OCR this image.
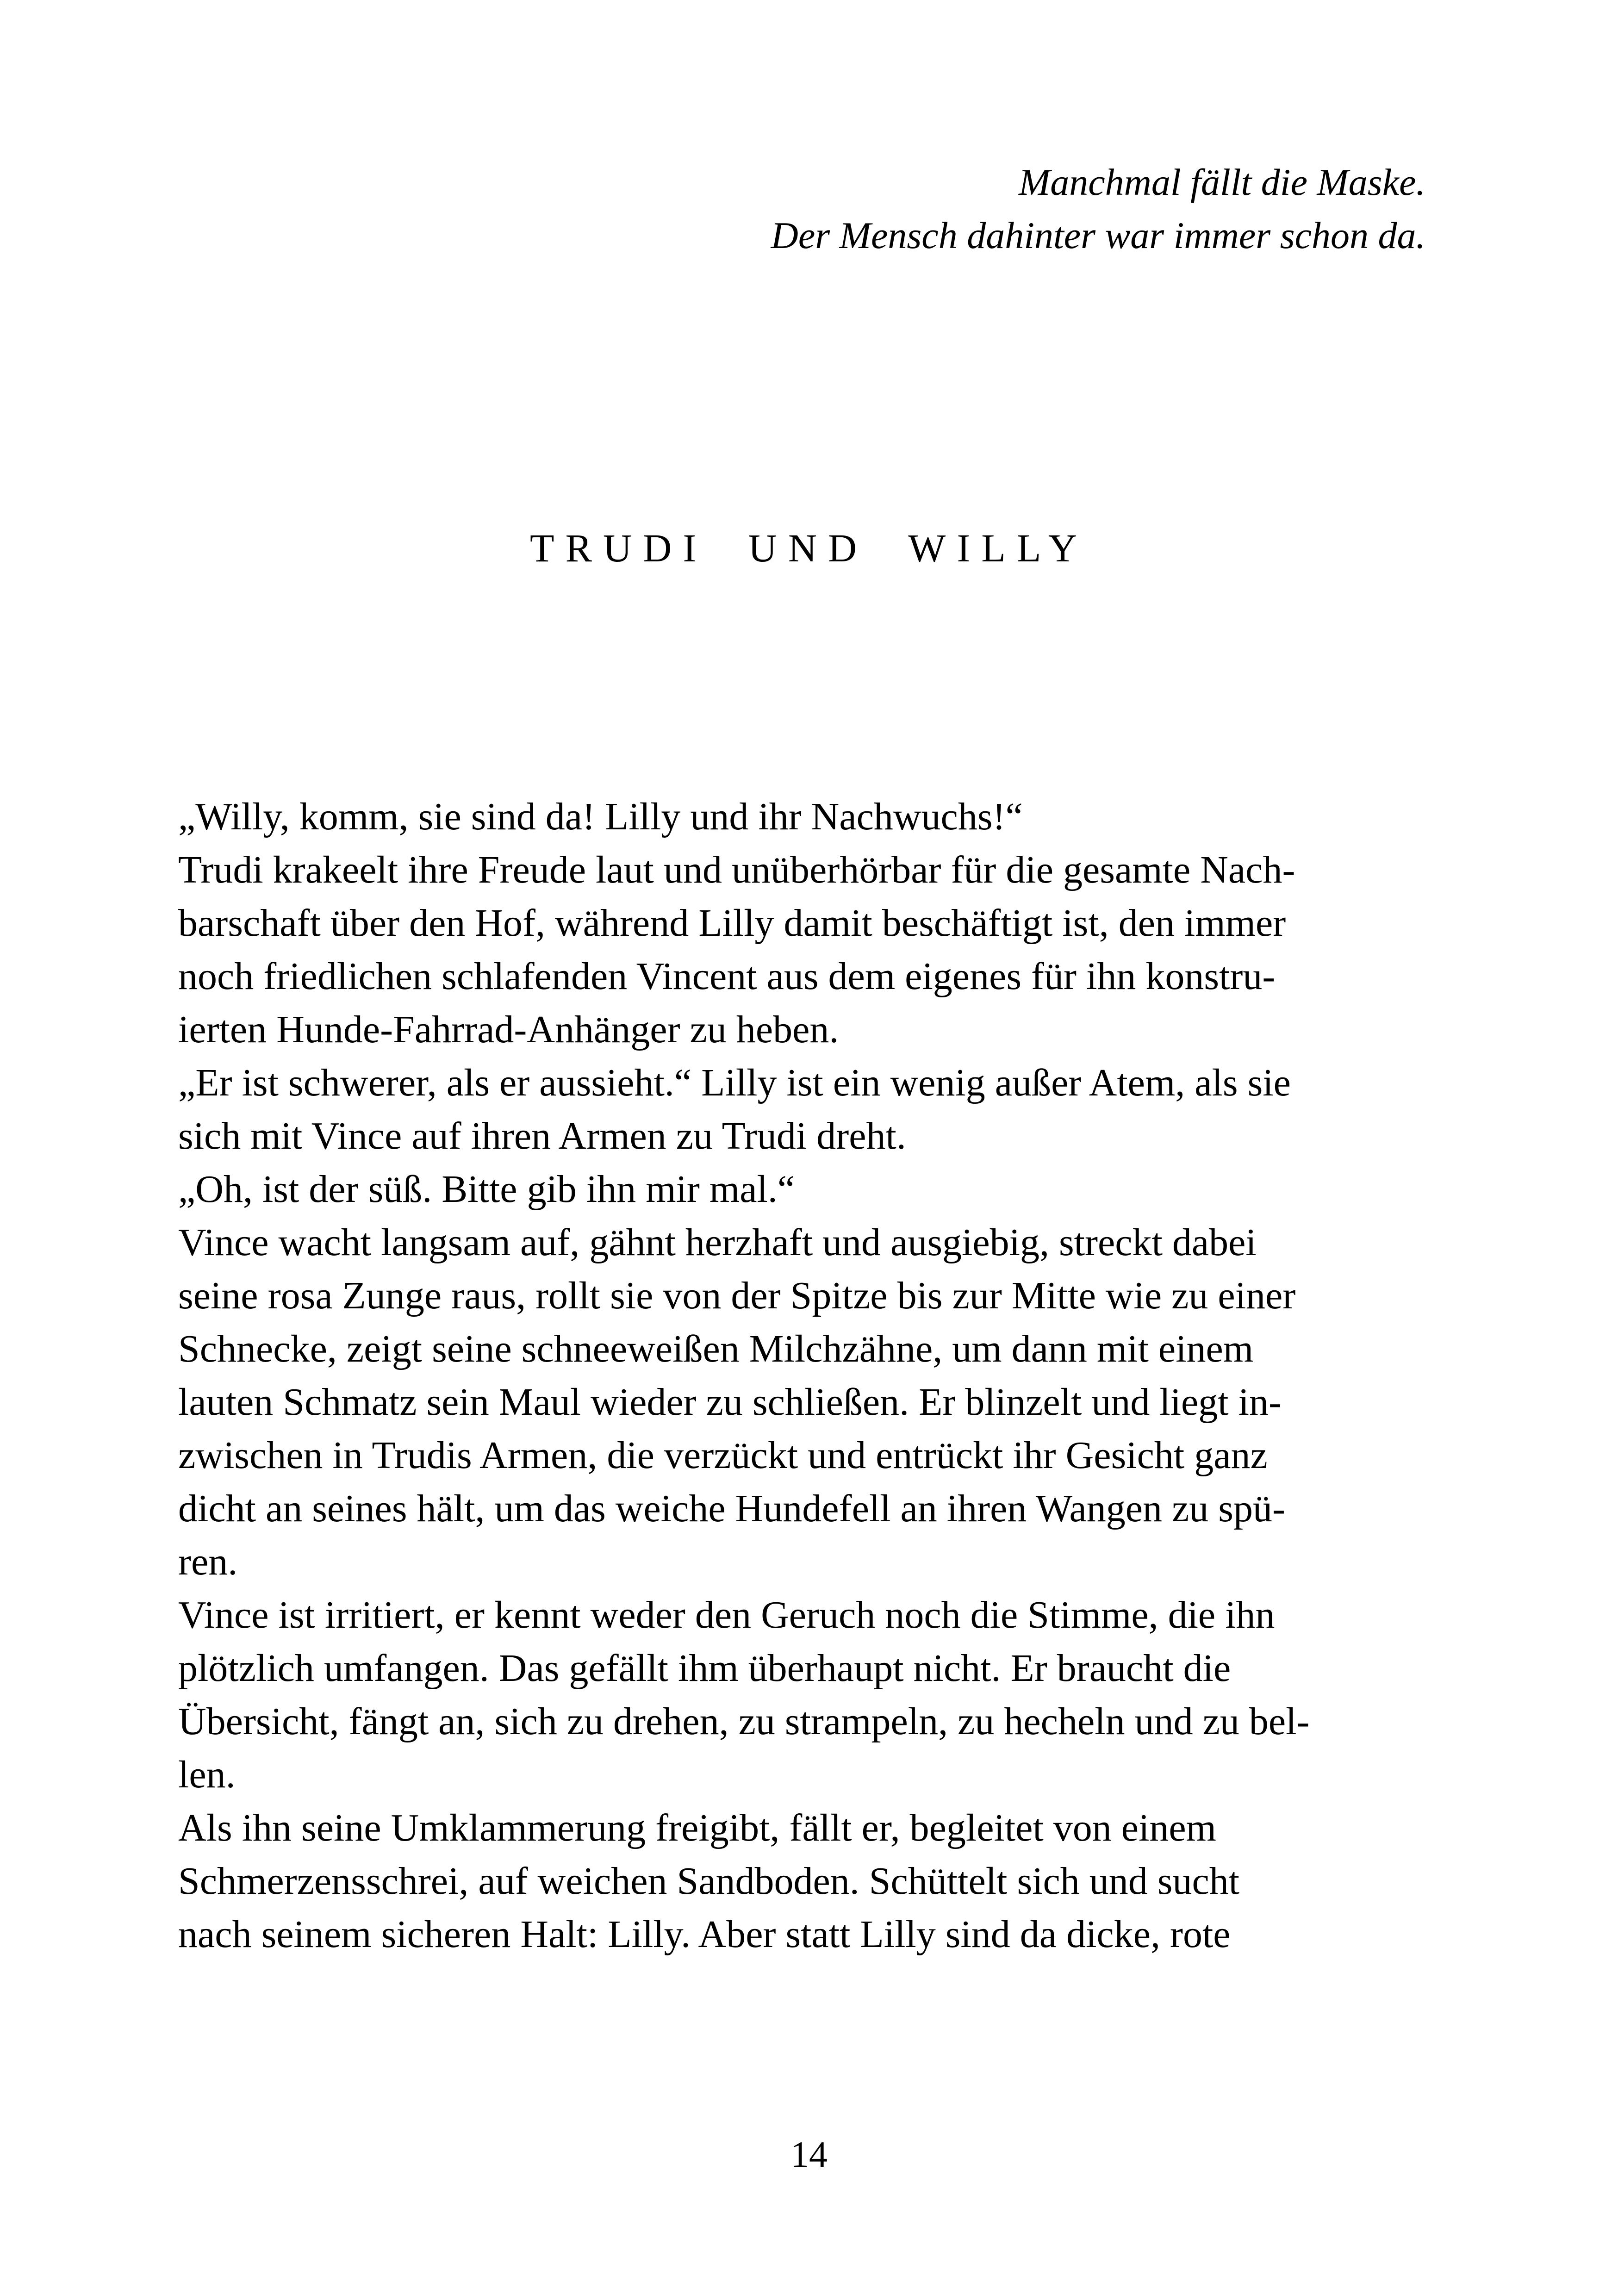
Manchmal fällt die Maske.
Der Mensch dahinter war immer schon da.
TRUDI UND WILLY
„Willy, komm, sie sind da! Lilly und ihr Nachwuchs!“
Trudi krakeelt ihre Freude laut und unüberhörbar für die gesamte Nach-
barschaft über den Hof, während Lilly damit beschäftigt ist, den immer
noch friedlichen schlafenden Vincent aus dem eigenes für ihn konstru-
ierten Hunde-Fahrrad-Anhänger zu heben.
„Er ist schwerer, als er aussieht.“ Lilly ist ein wenig außer Atem, als sie
sich mit Vince auf ihren Armen zu Trudi dreht.
„Oh, ist der süß. Bitte gib ihn mir mal.“
Vince wacht langsam auf, gähnt herzhaft und ausgiebig, streckt dabei
seine rosa Zunge raus, rollt sie von der Spitze bis zur Mitte wie zu einer
Schnecke, zeigt seine schneeweißen Milchzähne, um dann mit einem
lauten Schmatz sein Maul wieder zu schließen. Er blinzelt und liegt in-
zwischen in Trudis Armen, die verzückt und entrückt ihr Gesicht ganz
dicht an seines hält, um das weiche Hundefell an ihren Wangen zu spü-
ren.
Vince ist irritiert, er kennt weder den Geruch noch die Stimme, die ihn
plötzlich umfangen. Das gefällt ihm überhaupt nicht. Er braucht die
Übersicht, fängt an, sich zu drehen, zu strampeln, zu hecheln und zu bel-
len.
Als ihn seine Umklammerung freigibt, fällt er, begleitet von einem
Schmerzensschrei, auf weichen Sandboden. Schüttelt sich und sucht
nach seinem sicheren Halt: Lilly. Aber statt Lilly sind da dicke, rote
14
